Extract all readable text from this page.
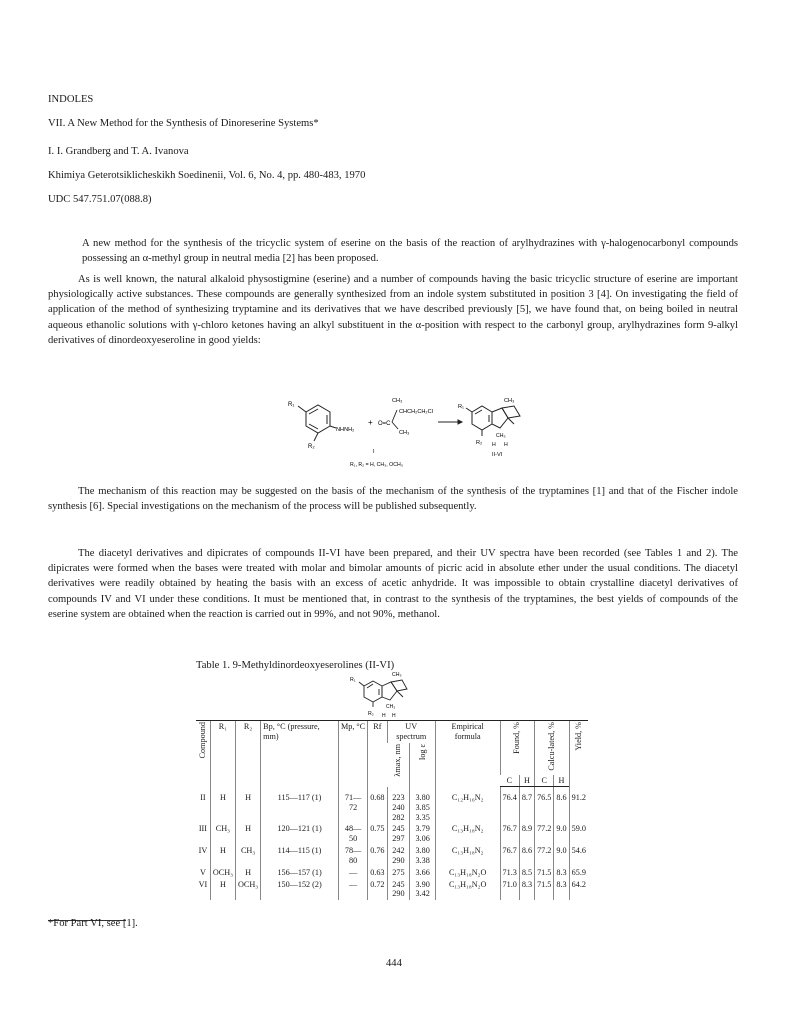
INDOLES

VII. A New Method for the Synthesis of Dinoreserine Systems*

I. I. Grandberg and T. A. Ivanova

Khimiya Geterotsiklicheskikh Soedinenii, Vol. 6, No. 4, pp. 480-483, 1970

UDC 547.751.07(088.8)

A new method for the synthesis of the tricyclic system of eserine on the basis of the reaction of arylhydrazines with γ-halogenocarbonyl compounds possessing an α-methyl group in neutral media [2] has been proposed.

As is well known, the natural alkaloid physostigmine (eserine) and a number of compounds having the basic tricyclic structure of eserine are important physiologically active substances. These compounds are generally synthesized from an indole system substituted in position 3 [4]. On investigating the field of application of the method of synthesizing tryptamine and its derivatives that we have described previously [5], we have found that, on being boiled in neutral aqueous ethanolic solutions with γ-chloro ketones having an alkyl substituent in the α-position with respect to the carbonyl group, arylhydrazines form 9-alkyl derivatives of dinordeoxyeseroline in good yields:

R₁
R₂
NHNH₂
+ O=C
CH₃
CHCH₂CH₂Cl
CH₃
I
R₁, R₂ = H, CH₃, OCH₃
R₁
R₂
CH₃
CH₃
H H
II-VI

The mechanism of this reaction may be suggested on the basis of the mechanism of the synthesis of the tryptamines [1] and that of the Fischer indole synthesis [6]. Special investigations on the mechanism of the process will be published subsequently.

The diacetyl derivatives and dipicrates of compounds II-VI have been prepared, and their UV spectra have been recorded (see Tables 1 and 2). The dipicrates were formed when the bases were treated with molar and bimolar amounts of picric acid in absolute ether under the usual conditions. The diacetyl derivatives were readily obtained by heating the basis with an excess of acetic anhydride. It was impossible to obtain crystalline diacetyl derivatives of compounds IV and VI under these conditions. It must be mentioned that, in contrast to the synthesis of the tryptamines, the best yields of compounds of the eserine system are obtained when the reaction is carried out in 99%, and not 90%, methanol.

Table 1. 9-Methyldinordeoxyeserolines (II-VI)

R₁
R₂
CH₃
CH₃
H H
Compound	R₁	R₂	Bp, °C (pressure, mm)	Mp, °C	Rf	UV spectrum		Empirical formula	Found, %		Calcu-lated, %		Yield, %
						λmax, nm	log ε						
									C	H	C	H	
II	H	H	115—117 (1)	71—72	0.68	223
240
282	3.80
3.85
3.35	C₁₂H₁₆N₂	76.4	8.7	76.5	8.6	91.2
III	CH₃	H	120—121 (1)	48—50	0.75	245
297	3.79
3.06	C₁₃H₁₈N₂	76.7	8.9	77.2	9.0	59.0
IV	H	CH₃	114—115 (1)	78—80	0.76	242
290	3.80
3.38	C₁₃H₁₈N₂	76.7	8.6	77.2	9.0	54.6
V	OCH₃	H	156—157 (1)	—	0.63	275	3.66	C₁₃H₁₈N₂O	71.3	8.5	71.5	8.3	65.9
VI	H	OCH₃	150—152 (2)	—	0.72	245
290	3.90
3.42	C₁₃H₁₈N₂O	71.0	8.3	71.5	8.3	64.2

*For Part VI, see [1].

444
